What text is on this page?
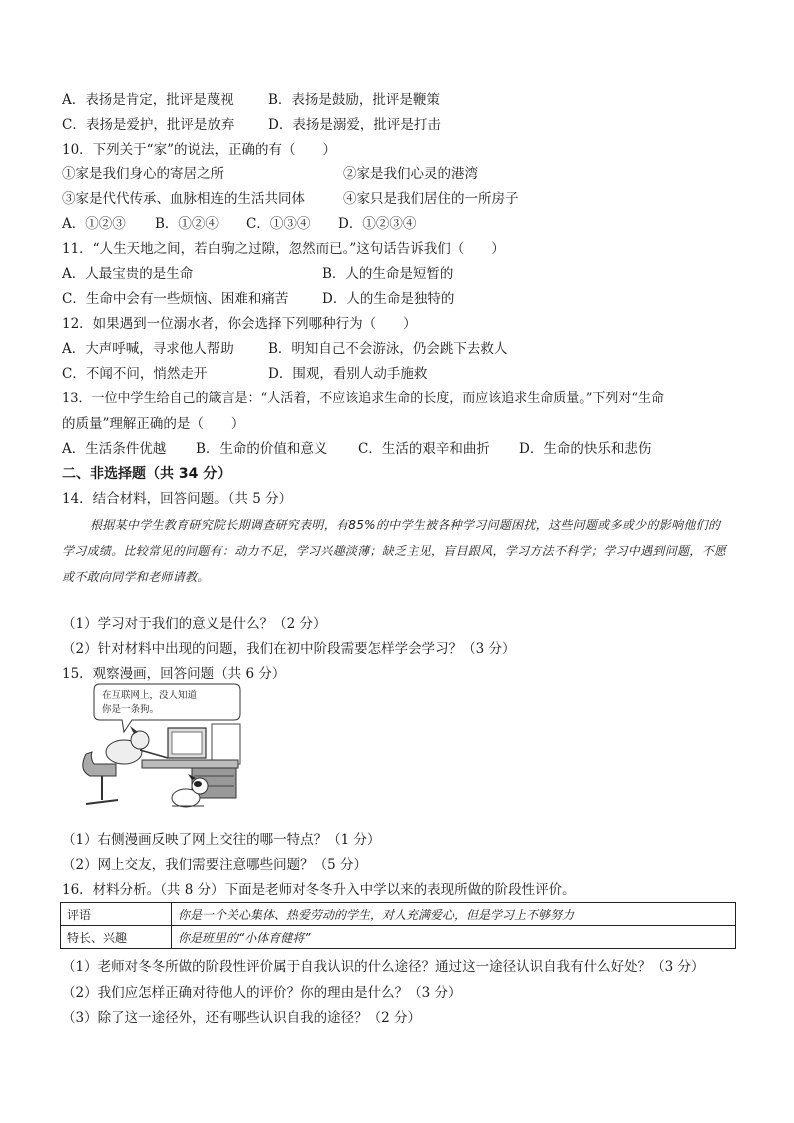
A．表扬是肯定，批评是蔑视	B．表扬是鼓励，批评是鞭策
C．表扬是爱护，批评是放弃 D．表扬是溺爱，批评是打击
10．下列关于“家”的说法，正确的有（　　）
①家是我们身心的寄居之所	②家是我们心灵的港湾
③家是代代传承、血脉相连的生活共同体	④家只是我们居住的一所房子
A．①②③ B．①②④ C．①③④ D．①②③④
11．“人生天地之间，若白驹之过隙，忽然而已。”这句话告诉我们（　　）
A．人最宝贵的是生命	B．人的生命是短暂的
C．生命中会有一些烦恼、困难和痛苦 D．人的生命是独特的
12．如果遇到一位溺水者，你会选择下列哪种行为（　　）
A．大声呼喊，寻求他人帮助	B．明知自己不会游泳，仍会跳下去救人
C．不闻不问，悄然走开	D．围观，看别人动手施救
13．一位中学生给自己的箴言是：“人活着，不应该追求生命的长度，而应该追求生命质量。”下列对“生命
的质量”理解正确的是（　　）
A．生活条件优越 B．生命的价值和意义 C．生活的艰辛和曲折 D．生命的快乐和悲伤
二、非选择题（共 34 分）
14．结合材料，回答问题。（共 5 分）
根据某中学生教育研究院长期调查研究表明，有85%的中学生被各种学习问题困扰，这些问题或多或少的影响他们的学习成绩。比较常见的问题有：动力不足，学习兴趣淡薄；缺乏主见，盲目跟风，学习方法不科学；学习中遇到问题，不愿或不敢向同学和老师请教。
（1）学习对于我们的意义是什么？（2 分）
（2）针对材料中出现的问题，我们在初中阶段需要怎样学会学习？（3 分）
15．观察漫画，回答问题（共 6 分）
在互联网上，没人知道
你是一条狗。
（1）右侧漫画反映了网上交往的哪一特点？（1 分）
（2）网上交友，我们需要注意哪些问题？（5 分）
16．材料分析。（共 8 分）下面是老师对冬冬升入中学以来的表现所做的阶段性评价。
评语	你是一个关心集体、热爱劳动的学生，对人充满爱心，但是学习上不够努力
特长、兴趣	你是班里的“小体育健将”
（1）老师对冬冬所做的阶段性评价属于自我认识的什么途径？通过这一途径认识自我有什么好处？（3 分）
（2）我们应怎样正确对待他人的评价？你的理由是什么？（3 分）
（3）除了这一途径外，还有哪些认识自我的途径？（2 分）
